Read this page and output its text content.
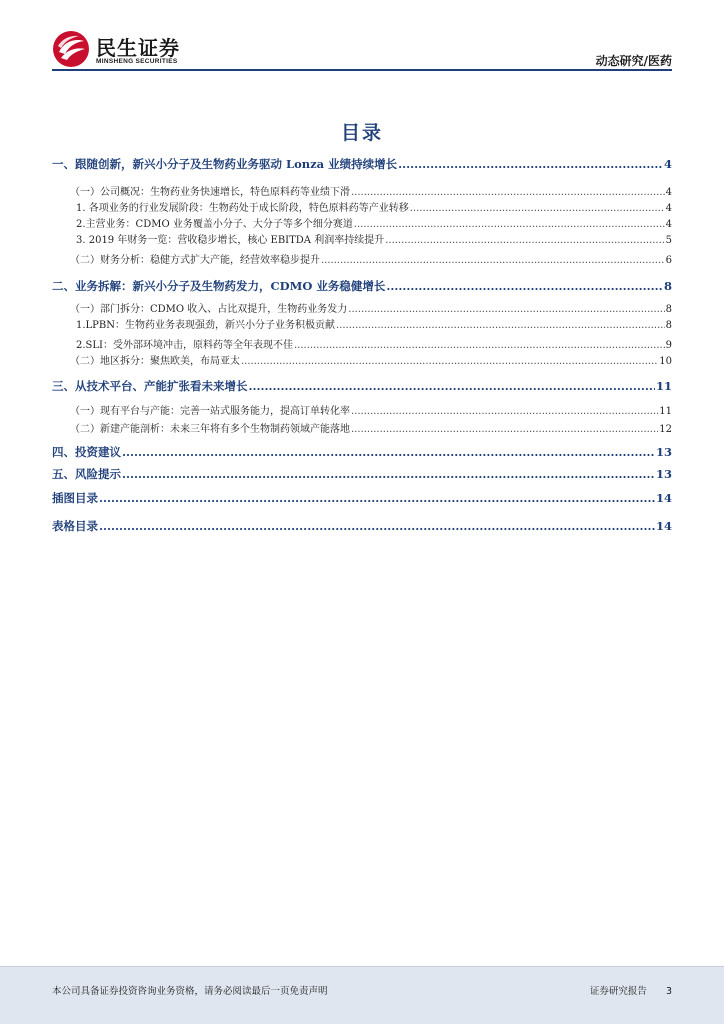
民生证券
MINSHENG SECURITIES	动态研究/医药
目录
一、跟随创新，新兴小分子及生物药业务驱动 Lonza 业绩持续增长 .....	4
（一）公司概况：生物药业务快速增长，特色原料药等业绩下滑 .....	4
1. 各项业务的行业发展阶段：生物药处于成长阶段，特色原料药等产业转移 .....	4
2.主营业务：CDMO 业务覆盖小分子、大分子等多个细分赛道 .....	4
3. 2019 年财务一览：营收稳步增长，核心 EBITDA 利润率持续提升 .....	5
（二）财务分析：稳健方式扩大产能，经营效率稳步提升 .....	6
二、业务拆解：新兴小分子及生物药发力，CDMO 业务稳健增长 .....	8
（一）部门拆分：CDMO 收入、占比双提升，生物药业务发力 .....	8
1.LPBN：生物药业务表现强劲，新兴小分子业务积极贡献 .....	8
2.SLI：受外部环境冲击，原料药等全年表现不佳 .....	9
（二）地区拆分：聚焦欧美，布局亚太 .....	10
三、从技术平台、产能扩张看未来增长 .....	11
（一）现有平台与产能：完善一站式服务能力，提高订单转化率 .....	11
（二）新建产能剖析：未来三年将有多个生物制药领域产能落地 .....	12
四、投资建议 .....	13
五、风险提示 .....	13
插图目录 .....	14
表格目录 .....	14
本公司具备证券投资咨询业务资格，请务必阅读最后一页免责声明	证券研究报告 3
